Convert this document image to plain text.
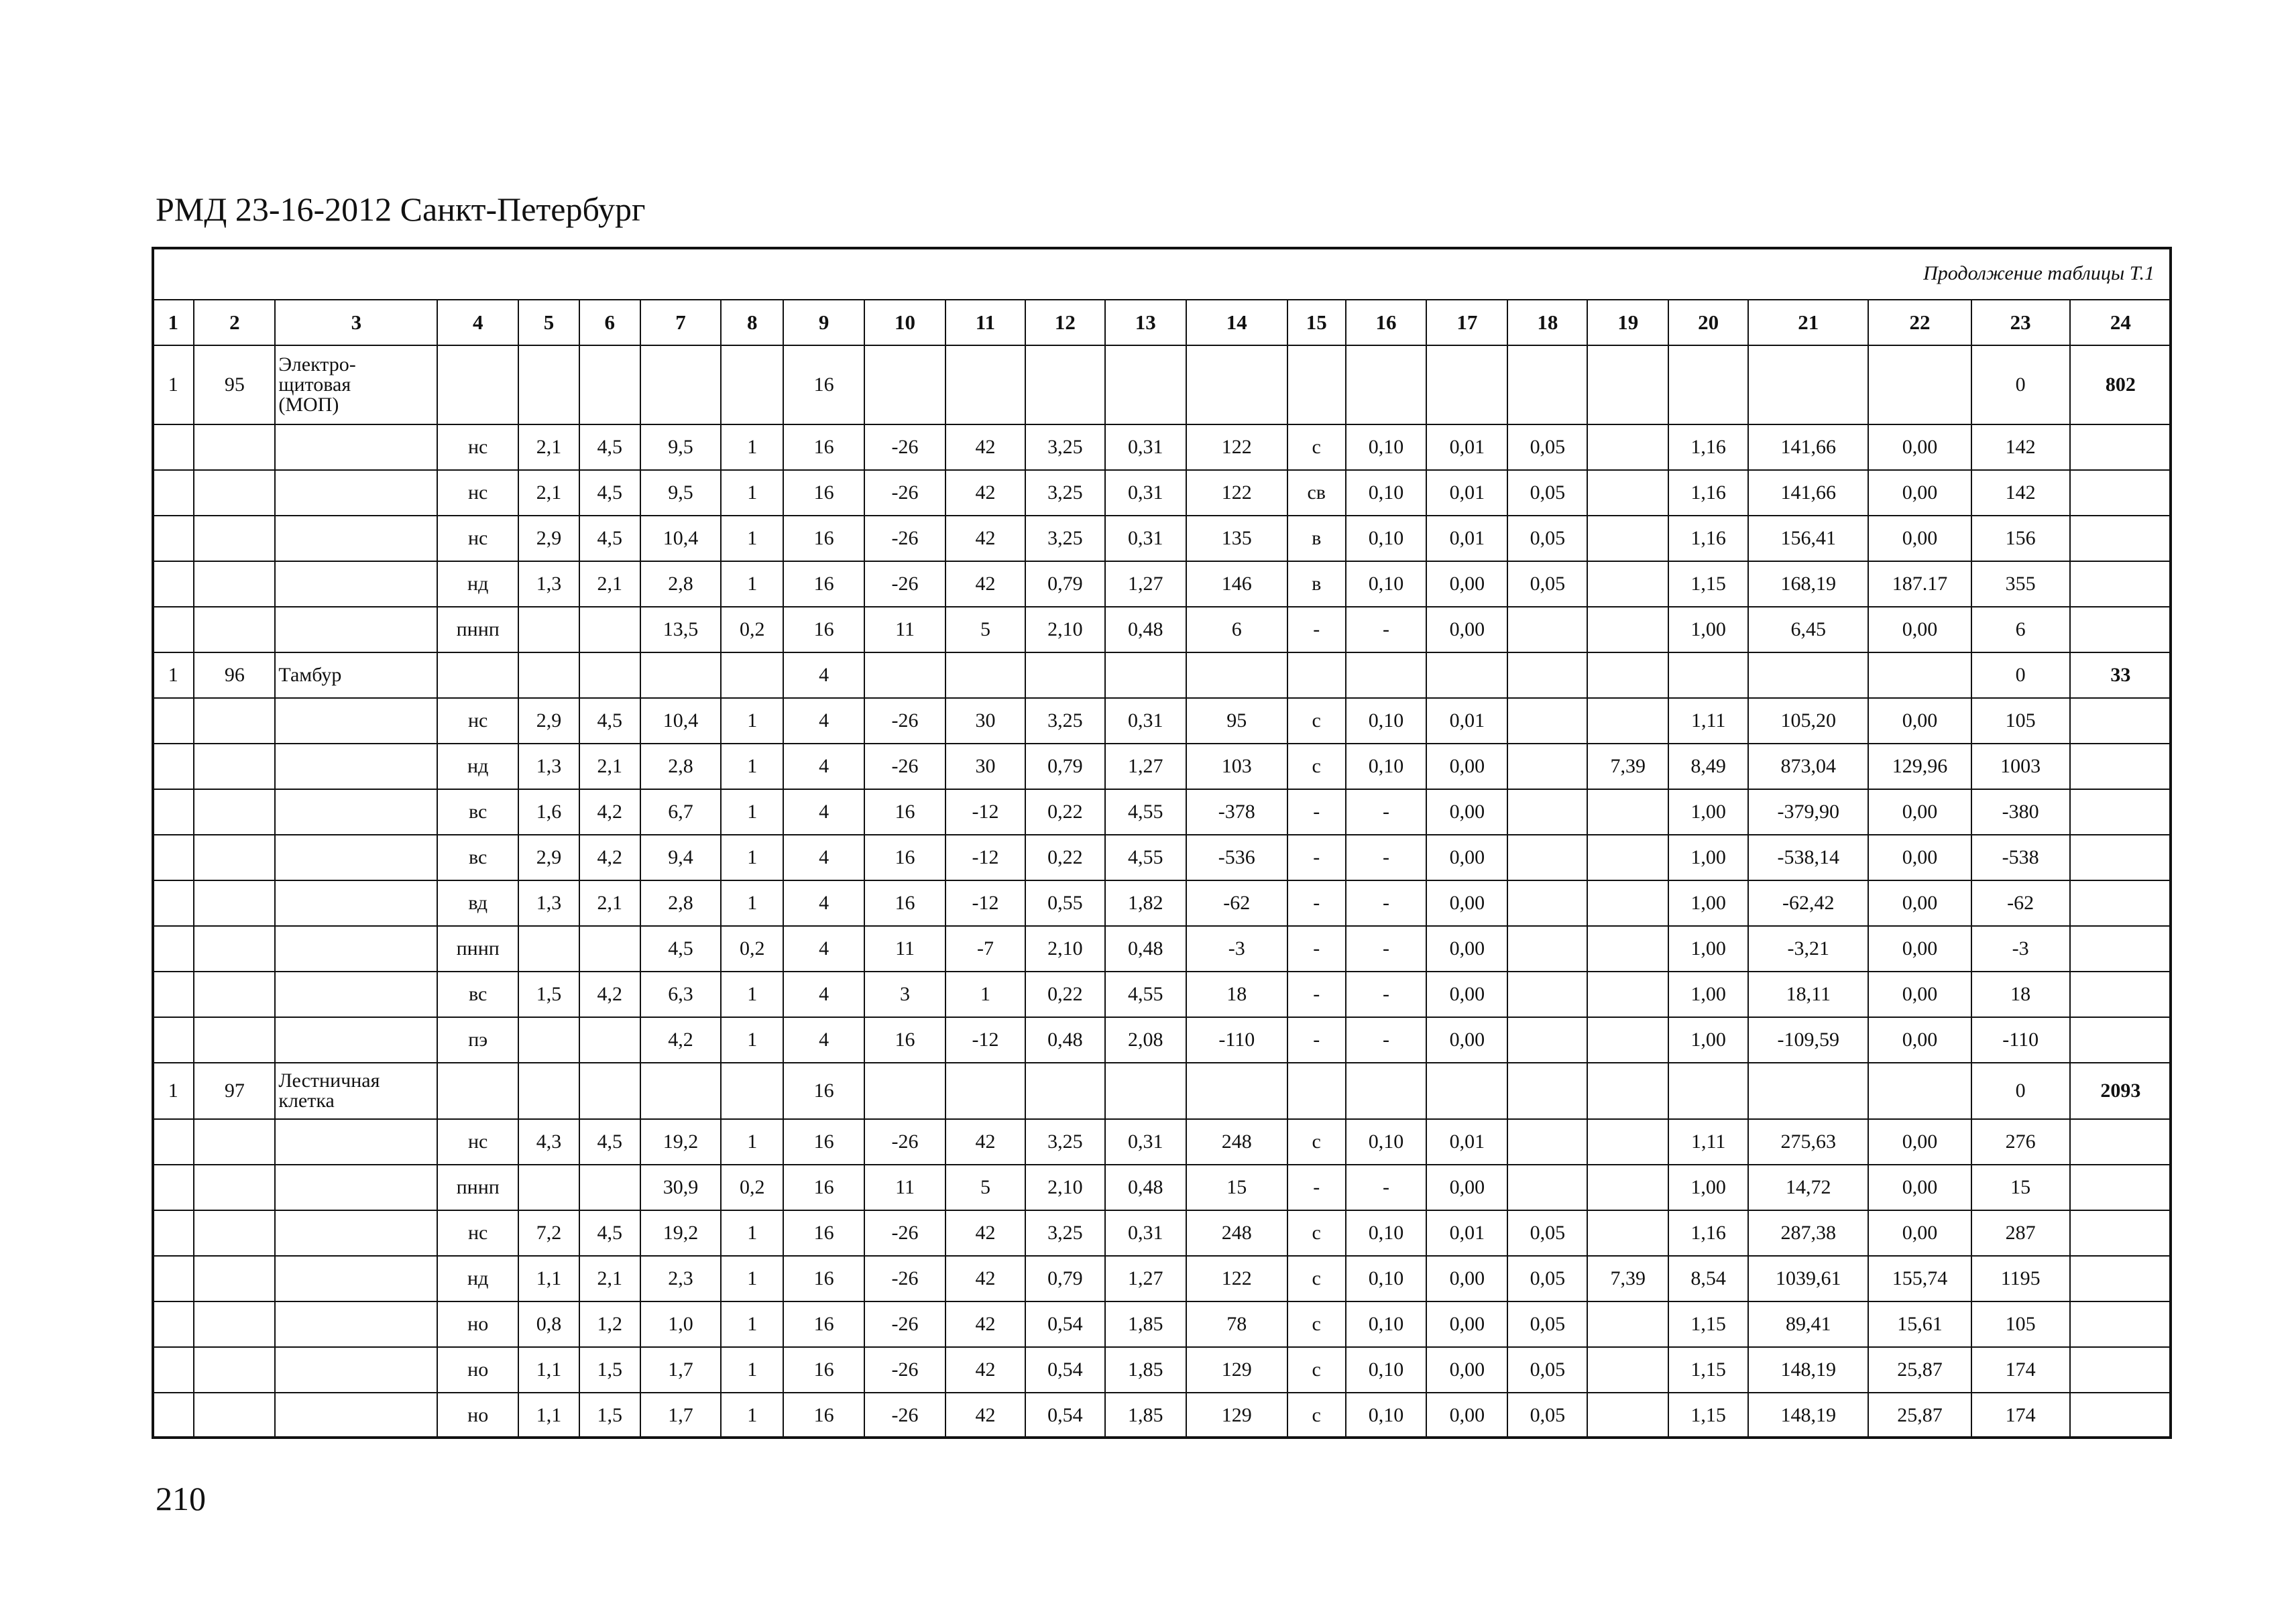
РМД 23-16-2012 Санкт-Петербург
Продолжение таблицы Т.1
1	2	3	4	5	6	7	8	9	10	11	12	13	14	15	16	17	18	19	20	21	22	23	24
1	95	Электро-
щитовая
(МОП)						16														0	802
			нс	2,1	4,5	9,5	1	16	-26	42	3,25	0,31	122	с	0,10	0,01	0,05		1,16	141,66	0,00	142	
			нс	2,1	4,5	9,5	1	16	-26	42	3,25	0,31	122	св	0,10	0,01	0,05		1,16	141,66	0,00	142	
			нс	2,9	4,5	10,4	1	16	-26	42	3,25	0,31	135	в	0,10	0,01	0,05		1,16	156,41	0,00	156	
			нд	1,3	2,1	2,8	1	16	-26	42	0,79	1,27	146	в	0,10	0,00	0,05		1,15	168,19	187.17	355	
			пннп			13,5	0,2	16	11	5	2,10	0,48	6	-	-	0,00			1,00	6,45	0,00	6	
1	96	Тамбур						4														0	33
			нс	2,9	4,5	10,4	1	4	-26	30	3,25	0,31	95	с	0,10	0,01			1,11	105,20	0,00	105	
			нд	1,3	2,1	2,8	1	4	-26	30	0,79	1,27	103	с	0,10	0,00		7,39	8,49	873,04	129,96	1003	
			вс	1,6	4,2	6,7	1	4	16	-12	0,22	4,55	-378	-	-	0,00			1,00	-379,90	0,00	-380	
			вс	2,9	4,2	9,4	1	4	16	-12	0,22	4,55	-536	-	-	0,00			1,00	-538,14	0,00	-538	
			вд	1,3	2,1	2,8	1	4	16	-12	0,55	1,82	-62	-	-	0,00			1,00	-62,42	0,00	-62	
			пннп			4,5	0,2	4	11	-7	2,10	0,48	-3	-	-	0,00			1,00	-3,21	0,00	-3	
			вс	1,5	4,2	6,3	1	4	3	1	0,22	4,55	18	-	-	0,00			1,00	18,11	0,00	18	
			пэ			4,2	1	4	16	-12	0,48	2,08	-110	-	-	0,00			1,00	-109,59	0,00	-110	
1	97	Лестничная
клетка						16														0	2093
			нс	4,3	4,5	19,2	1	16	-26	42	3,25	0,31	248	с	0,10	0,01			1,11	275,63	0,00	276	
			пннп			30,9	0,2	16	11	5	2,10	0,48	15	-	-	0,00			1,00	14,72	0,00	15	
			нс	7,2	4,5	19,2	1	16	-26	42	3,25	0,31	248	с	0,10	0,01	0,05		1,16	287,38	0,00	287	
			нд	1,1	2,1	2,3	1	16	-26	42	0,79	1,27	122	с	0,10	0,00	0,05	7,39	8,54	1039,61	155,74	1195	
			но	0,8	1,2	1,0	1	16	-26	42	0,54	1,85	78	с	0,10	0,00	0,05		1,15	89,41	15,61	105	
			но	1,1	1,5	1,7	1	16	-26	42	0,54	1,85	129	с	0,10	0,00	0,05		1,15	148,19	25,87	174	
			но	1,1	1,5	1,7	1	16	-26	42	0,54	1,85	129	с	0,10	0,00	0,05		1,15	148,19	25,87	174	
210
